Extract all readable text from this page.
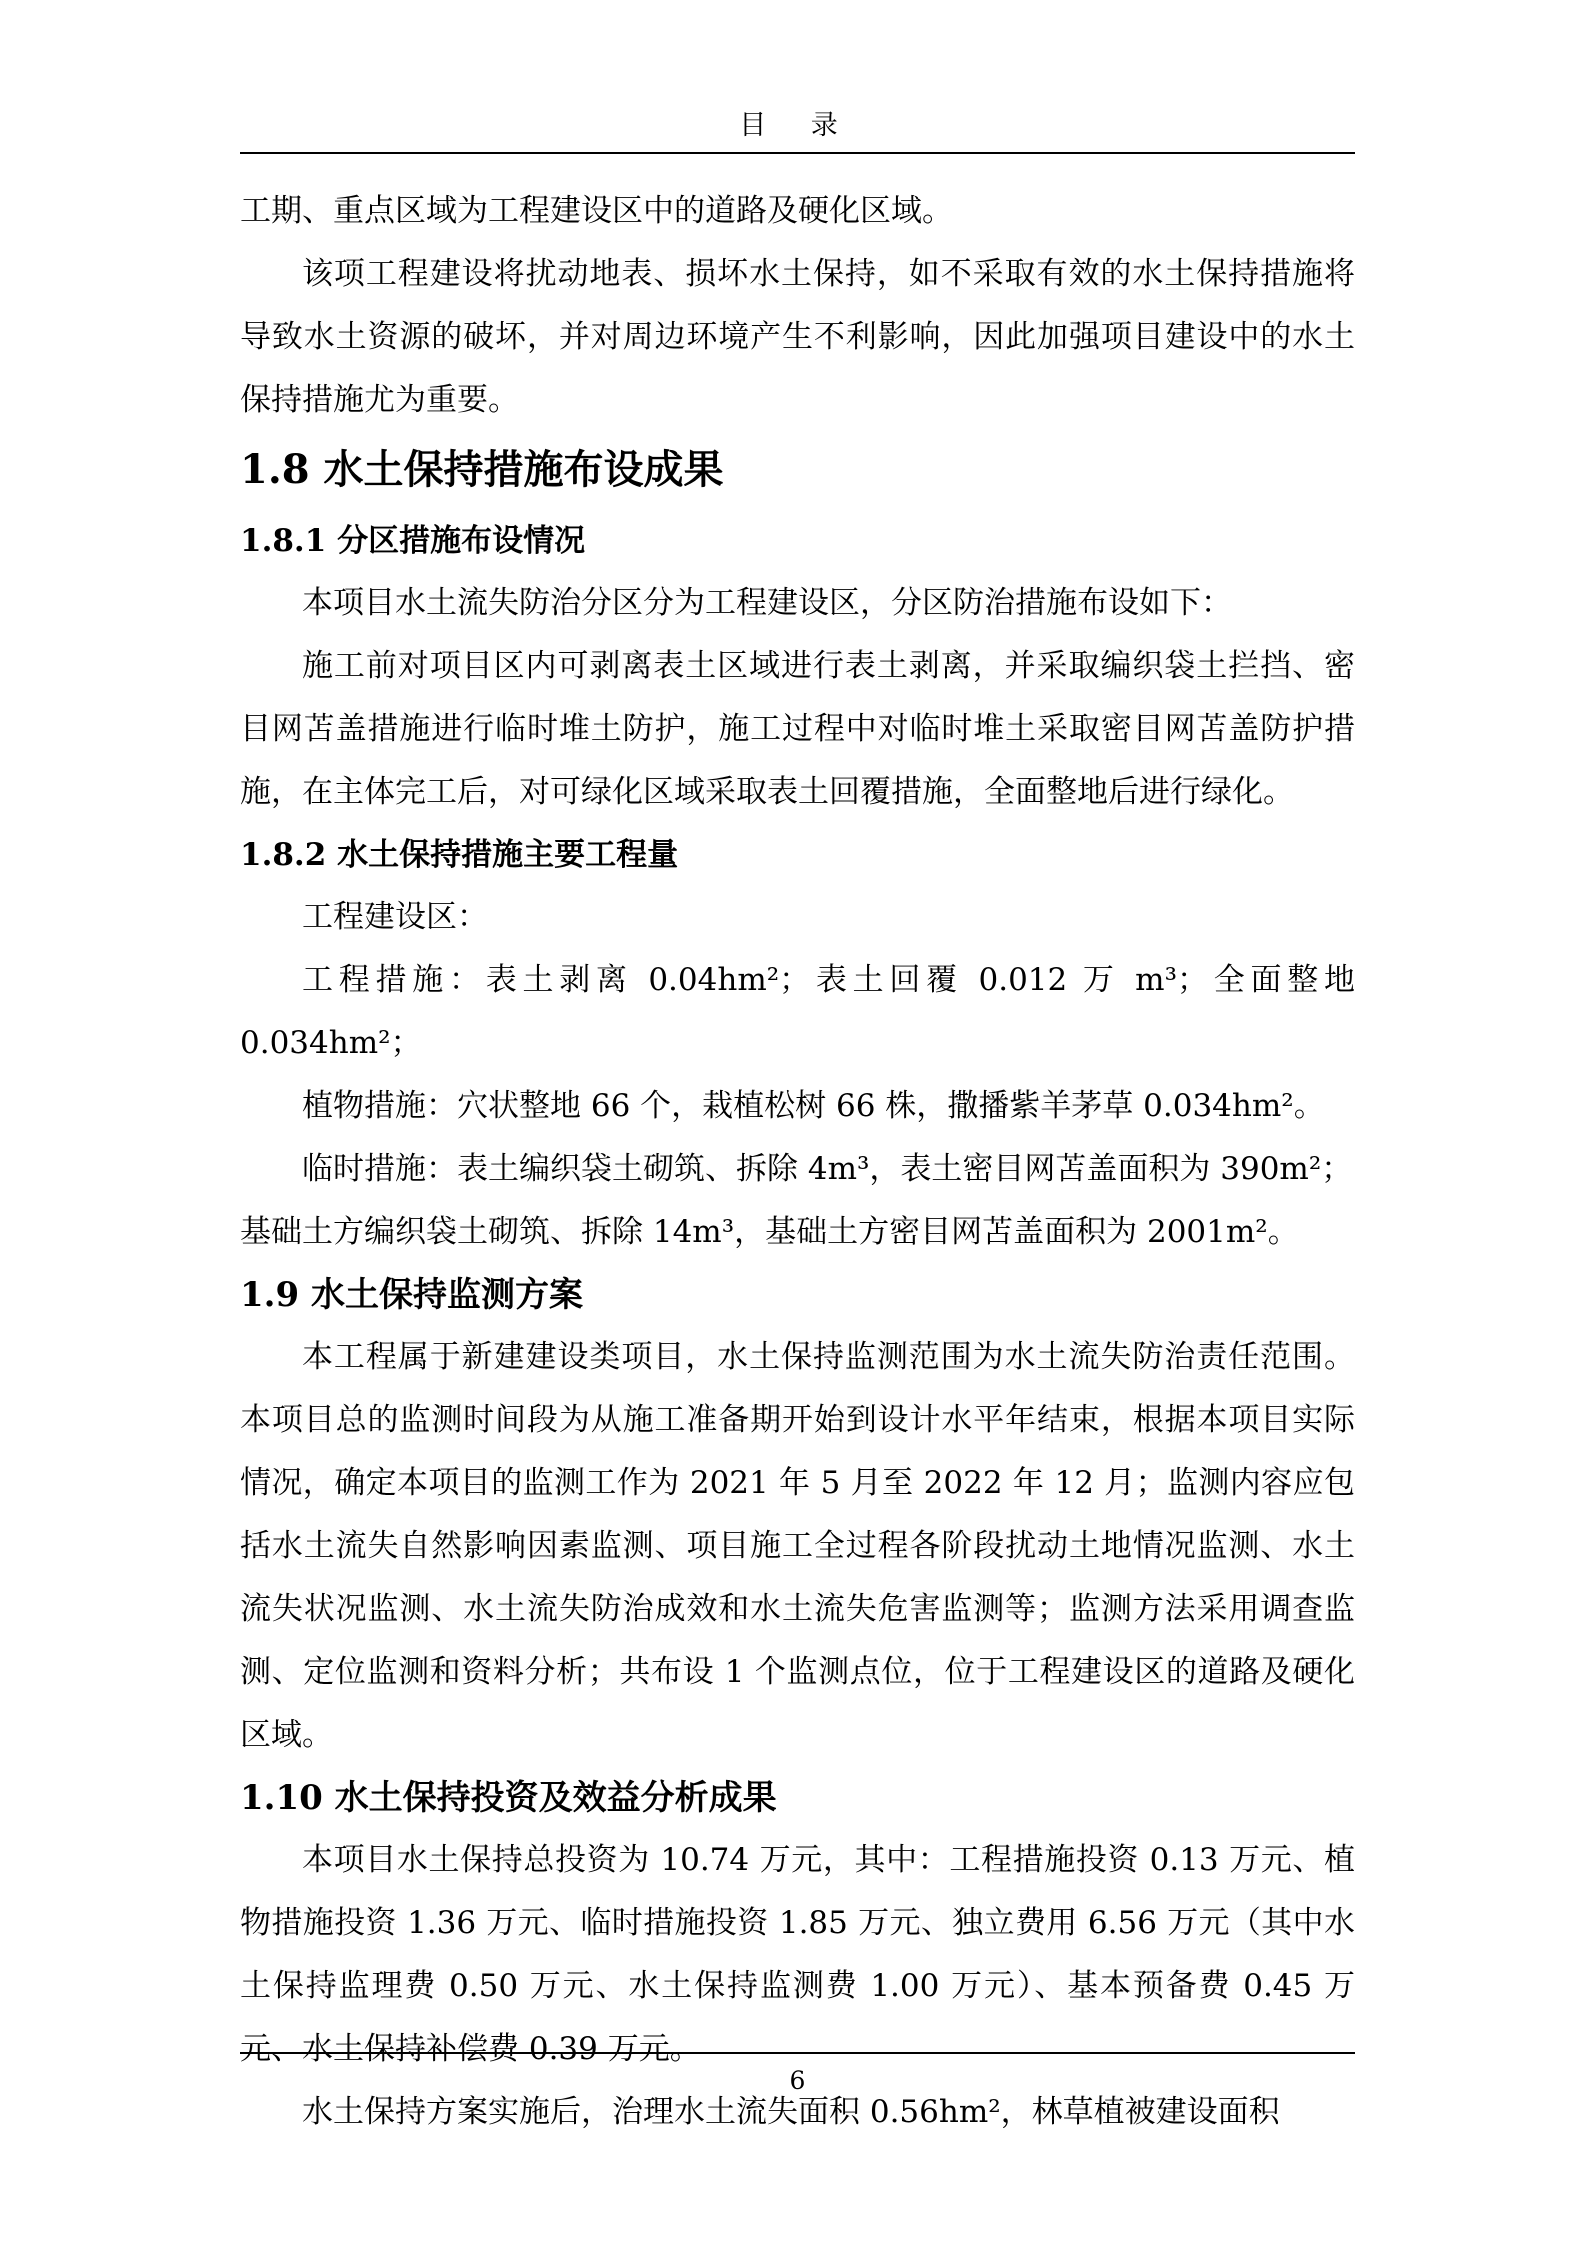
目 录

工期、重点区域为工程建设区中的道路及硬化区域。

该项工程建设将扰动地表、损坏水土保持，如不采取有效的水土保持措施将导致水土资源的破坏，并对周边环境产生不利影响，因此加强项目建设中的水土保持措施尤为重要。

1.8 水土保持措施布设成果
1.8.1 分区措施布设情况

本项目水土流失防治分区分为工程建设区，分区防治措施布设如下：

施工前对项目区内可剥离表土区域进行表土剥离，并采取编织袋土拦挡、密目网苫盖措施进行临时堆土防护，施工过程中对临时堆土采取密目网苫盖防护措施，在主体完工后，对可绿化区域采取表土回覆措施，全面整地后进行绿化。

1.8.2 水土保持措施主要工程量

工程建设区：

工程措施：表土剥离 0.04hm²；表土回覆 0.012 万 m³；全面整地 0.034hm²；

植物措施：穴状整地 66 个，栽植松树 66 株，撒播紫羊茅草 0.034hm²。

临时措施：表土编织袋土砌筑、拆除 4m³，表土密目网苫盖面积为 390m²；

基础土方编织袋土砌筑、拆除 14m³，基础土方密目网苫盖面积为 2001m²。

1.9 水土保持监测方案

本工程属于新建建设类项目，水土保持监测范围为水土流失防治责任范围。本项目总的监测时间段为从施工准备期开始到设计水平年结束，根据本项目实际情况，确定本项目的监测工作为 2021 年 5 月至 2022 年 12 月；监测内容应包括水土流失自然影响因素监测、项目施工全过程各阶段扰动土地情况监测、水土流失状况监测、水土流失防治成效和水土流失危害监测等；监测方法采用调查监测、定位监测和资料分析；共布设 1 个监测点位，位于工程建设区的道路及硬化区域。

1.10 水土保持投资及效益分析成果

本项目水土保持总投资为 10.74 万元，其中：工程措施投资 0.13 万元、植物措施投资 1.36 万元、临时措施投资 1.85 万元、独立费用 6.56 万元（其中水土保持监理费 0.50 万元、水土保持监测费 1.00 万元）、基本预备费 0.45 万元、水土保持补偿费 0.39 万元。

水土保持方案实施后，治理水土流失面积 0.56hm²，林草植被建设面积

6
